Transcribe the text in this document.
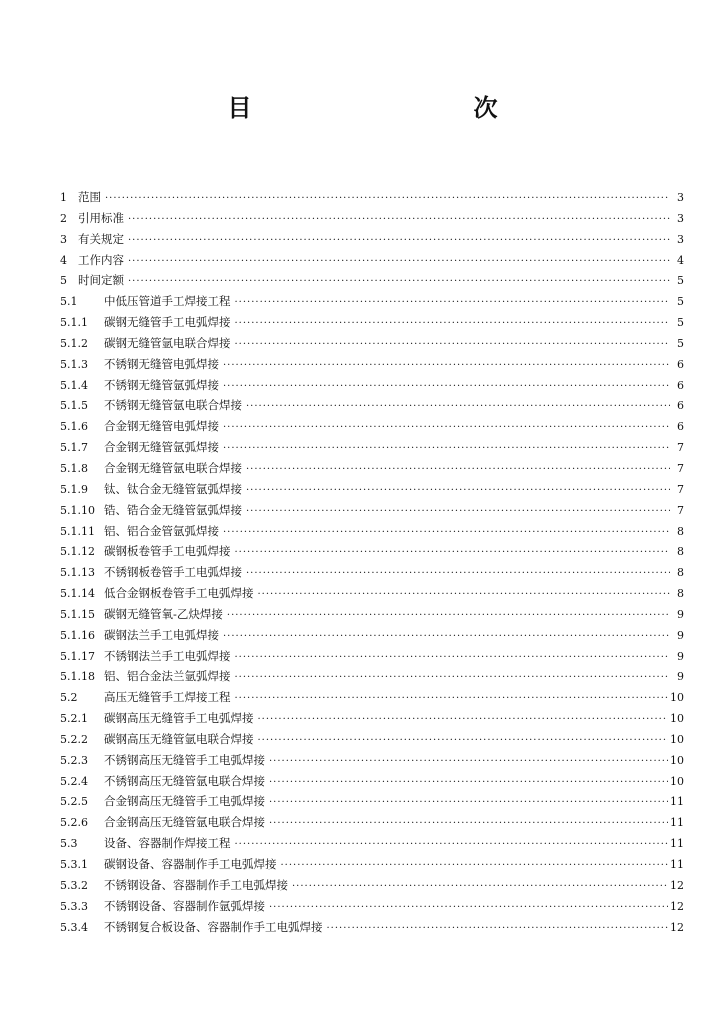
目　　次
1 范围 ·····	3
2 引用标准 ·····	3
3 有关规定 ·····	3
4 工作内容 ·····	4
5 时间定额 ·····	5
5.1	中低压管道手工焊接工程 ·····	5
5.1.1	碳钢无缝管手工电弧焊接 ·····	5
5.1.2	碳钢无缝管氩电联合焊接 ·····	5
5.1.3	不锈钢无缝管电弧焊接 ·····	6
5.1.4	不锈钢无缝管氩弧焊接 ·····	6
5.1.5	不锈钢无缝管氩电联合焊接 ·····	6
5.1.6	合金钢无缝管电弧焊接 ·····	6
5.1.7	合金钢无缝管氩弧焊接 ·····	7
5.1.8	合金钢无缝管氩电联合焊接 ·····	7
5.1.9	钛、钛合金无缝管氩弧焊接 ·····	7
5.1.10 锆、锆合金无缝管氩弧焊接 ·····	7
5.1.11 铝、铝合金管氩弧焊接 ·····	8
5.1.12 碳钢板卷管手工电弧焊接 ·····	8
5.1.13 不锈钢板卷管手工电弧焊接 ·····	8
5.1.14 低合金钢板卷管手工电弧焊接 ·····	8
5.1.15 碳钢无缝管氧-乙炔焊接 ·····	9
5.1.16 碳钢法兰手工电弧焊接 ·····	9
5.1.17 不锈钢法兰手工电弧焊接 ·····	9
5.1.18 铝、铝合金法兰氩弧焊接 ·····	9
5.2	高压无缝管手工焊接工程 ·····	10
5.2.1	碳钢高压无缝管手工电弧焊接 ·····	10
5.2.2	碳钢高压无缝管氩电联合焊接 ·····	10
5.2.3	不锈钢高压无缝管手工电弧焊接 ·····	10
5.2.4	不锈钢高压无缝管氩电联合焊接 ·····	10
5.2.5	合金钢高压无缝管手工电弧焊接 ·····	11
5.2.6	合金钢高压无缝管氩电联合焊接 ·····	11
5.3	设备、容器制作焊接工程 ·····	11
5.3.1	碳钢设备、容器制作手工电弧焊接 ·····	11
5.3.2	不锈钢设备、容器制作手工电弧焊接 ·····	12
5.3.3	不锈钢设备、容器制作氩弧焊接 ·····	12
5.3.4	不锈钢复合板设备、容器制作手工电弧焊接 ·····	12
